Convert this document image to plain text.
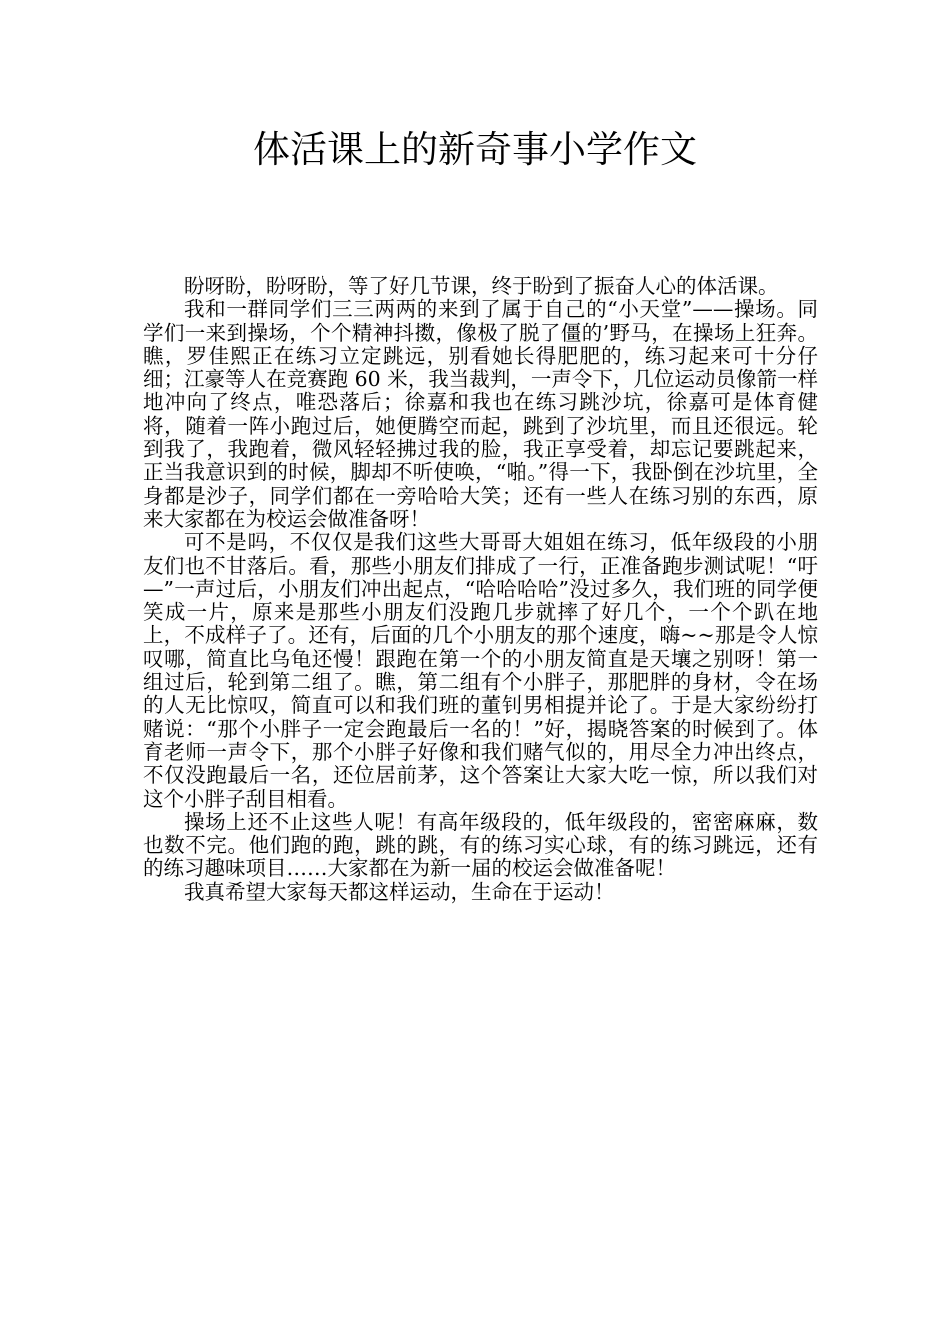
体活课上的新奇事小学作文

盼呀盼，盼呀盼，等了好几节课，终于盼到了振奋人心的体活课。

我和一群同学们三三两两的来到了属于自己的“小天堂”——操场。同学们一来到操场，个个精神抖擞，像极了脱了僵的’野马，在操场上狂奔。瞧，罗佳熙正在练习立定跳远，别看她长得肥肥的，练习起来可十分仔细；江豪等人在竞赛跑 60 米，我当裁判，一声令下，几位运动员像箭一样地冲向了终点，唯恐落后；徐嘉和我也在练习跳沙坑，徐嘉可是体育健将，随着一阵小跑过后，她便腾空而起，跳到了沙坑里，而且还很远。轮到我了，我跑着，微风轻轻拂过我的脸，我正享受着，却忘记要跳起来，正当我意识到的时候，脚却不听使唤，“啪。”得一下，我卧倒在沙坑里，全身都是沙子，同学们都在一旁哈哈大笑；还有一些人在练习别的东西，原来大家都在为校运会做准备呀！

可不是吗，不仅仅是我们这些大哥哥大姐姐在练习，低年级段的小朋友们也不甘落后。看，那些小朋友们排成了一行，正准备跑步测试呢！“吁—”一声过后，小朋友们冲出起点，“哈哈哈哈”没过多久，我们班的同学便笑成一片，原来是那些小朋友们没跑几步就摔了好几个，一个个趴在地上，不成样子了。还有，后面的几个小朋友的那个速度，嗨~~那是令人惊叹哪，简直比乌龟还慢！跟跑在第一个的小朋友简直是天壤之别呀！第一组过后，轮到第二组了。瞧，第二组有个小胖子，那肥胖的身材，令在场的人无比惊叹，简直可以和我们班的董钊男相提并论了。于是大家纷纷打赌说：“那个小胖子一定会跑最后一名的！”好，揭晓答案的时候到了。体育老师一声令下，那个小胖子好像和我们赌气似的，用尽全力冲出终点，不仅没跑最后一名，还位居前茅，这个答案让大家大吃一惊，所以我们对这个小胖子刮目相看。

操场上还不止这些人呢！有高年级段的，低年级段的，密密麻麻，数也数不完。他们跑的跑，跳的跳，有的练习实心球，有的练习跳远，还有的练习趣味项目……大家都在为新一届的校运会做准备呢！

我真希望大家每天都这样运动，生命在于运动！
